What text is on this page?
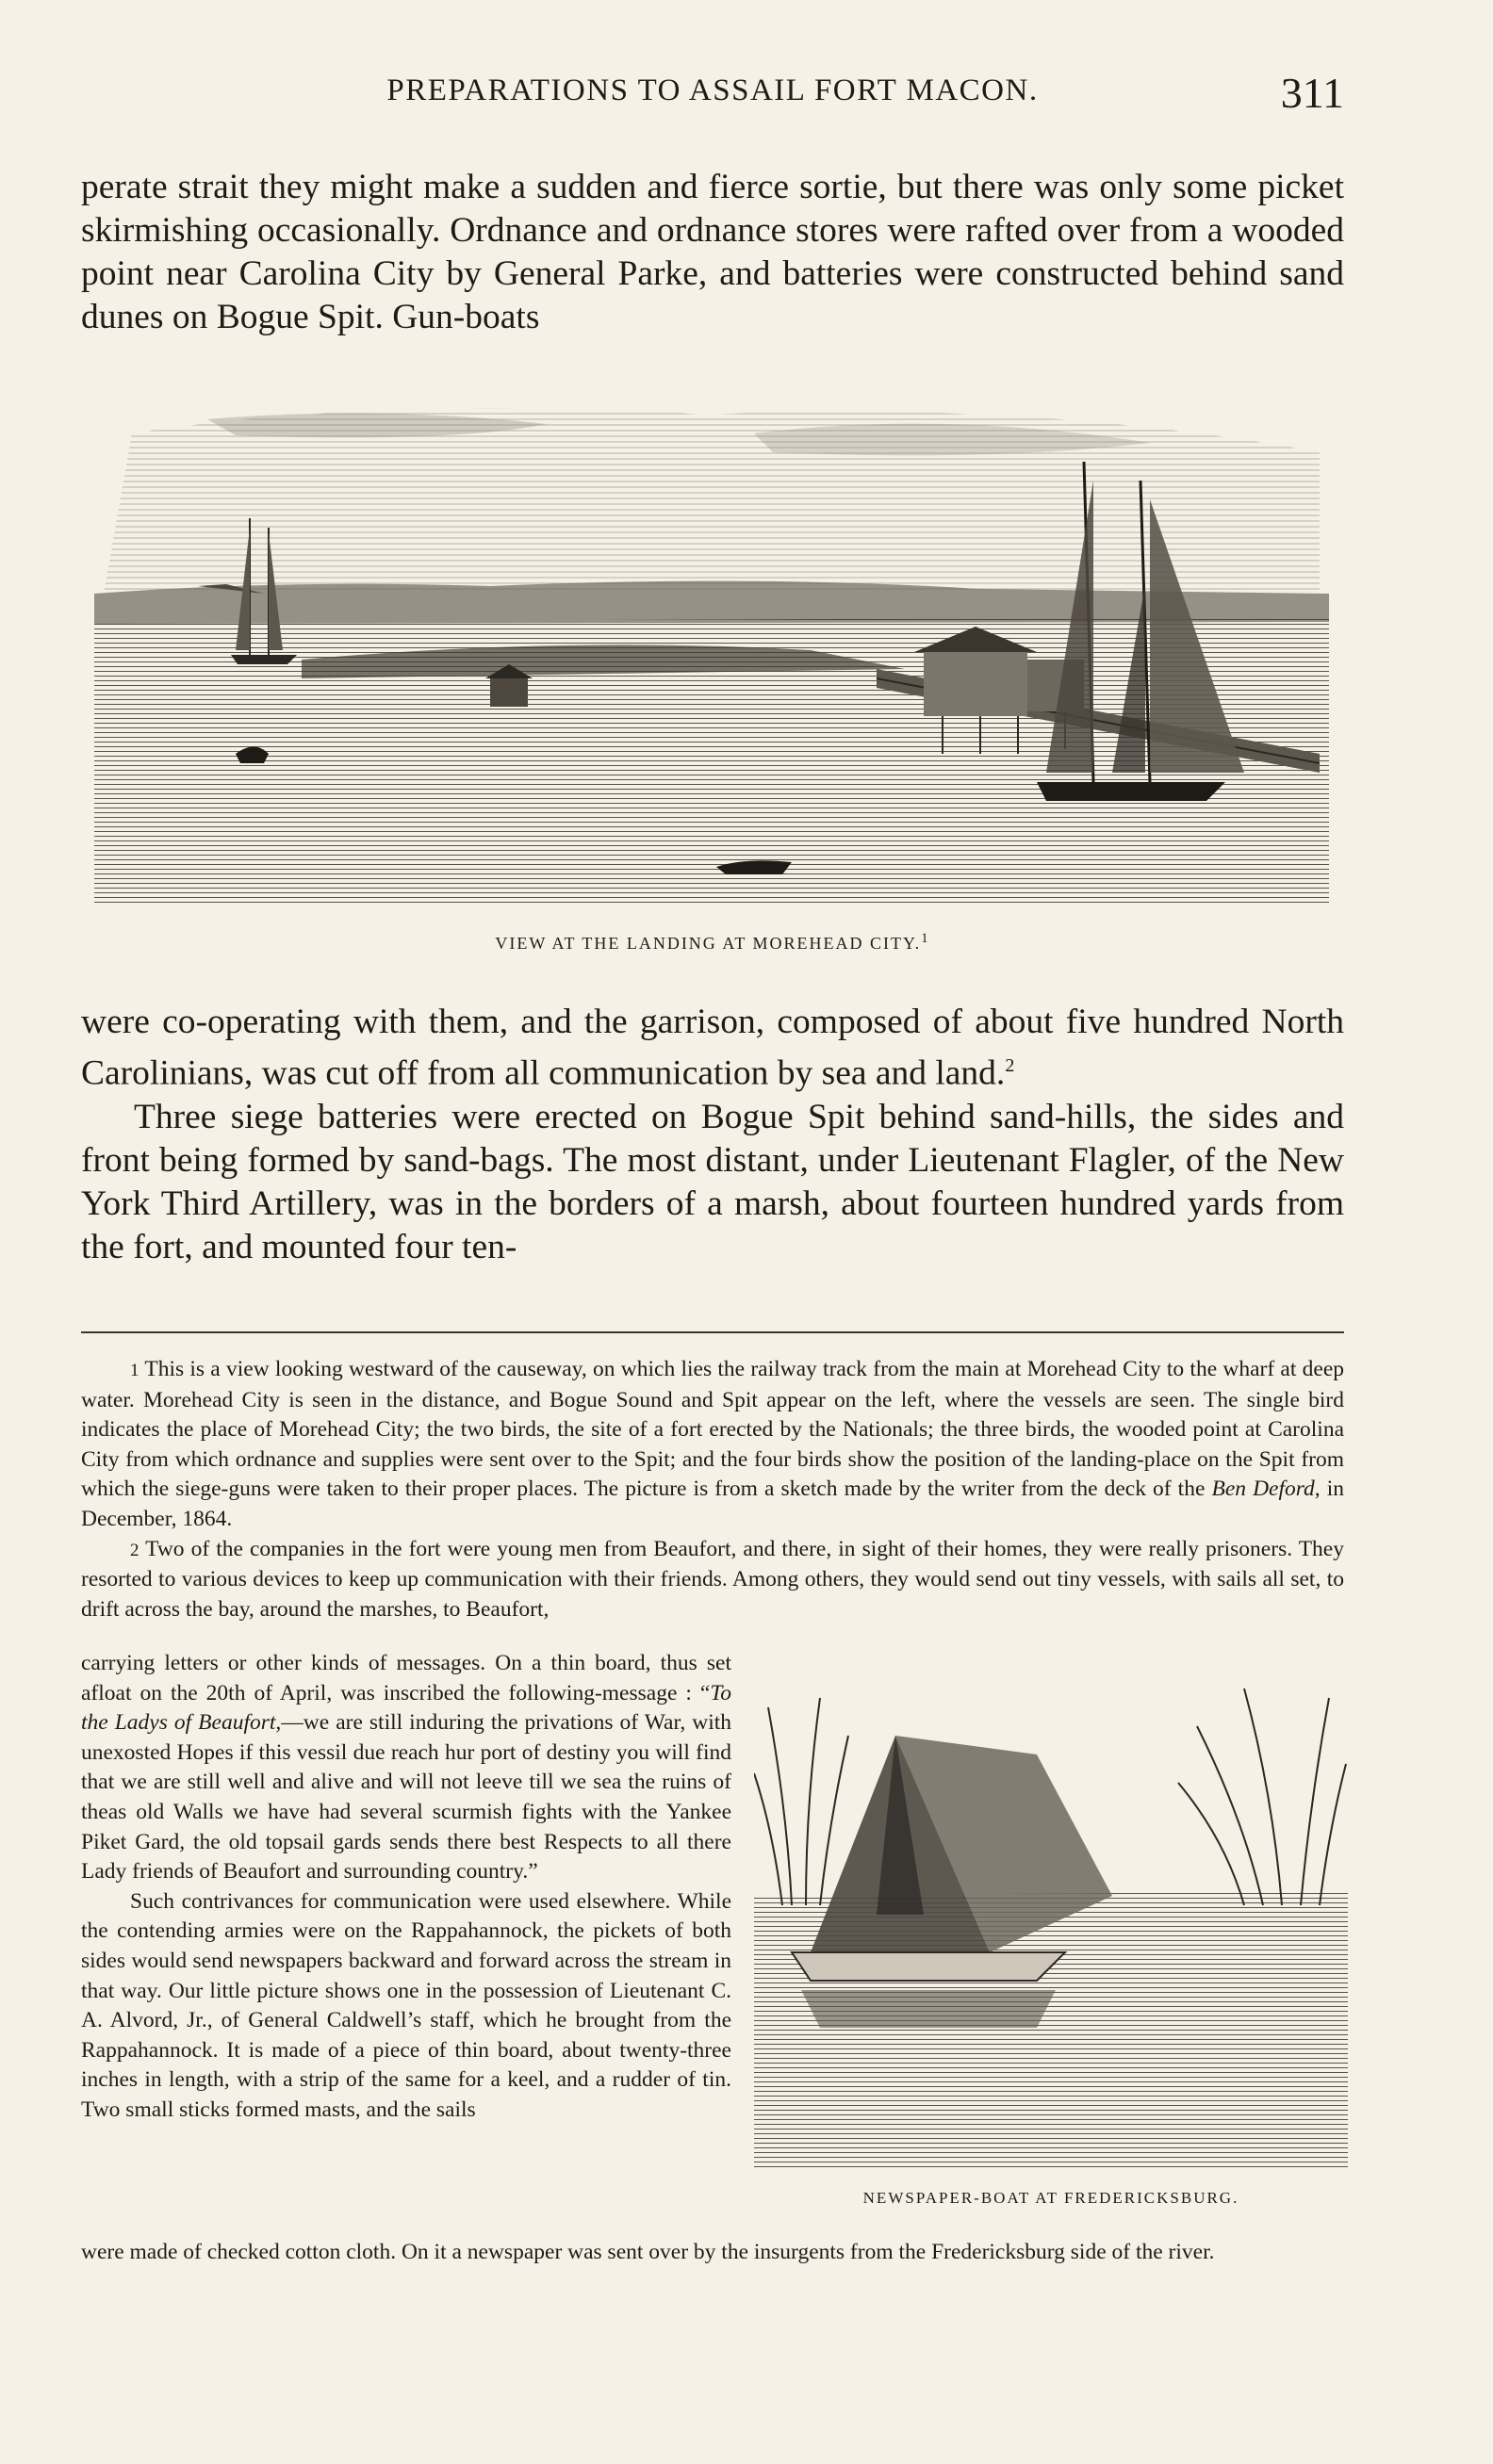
PREPARATIONS TO ASSAIL FORT MACON.	311

perate strait they might make a sudden and fierce sortie, but there was only some picket skirmishing occasionally. Ordnance and ordnance stores were rafted over from a wooded point near Carolina City by General Parke, and batteries were constructed behind sand dunes on Bogue Spit. Gun-boats

VIEW AT THE LANDING AT MOREHEAD CITY.$^1$

were co-operating with them, and the garrison, composed of about five hundred North Carolinians, was cut off from all communication by sea and land.$^2$

Three siege batteries were erected on Bogue Spit behind sand-hills, the sides and front being formed by sand-bags. The most distant, under Lieutenant Flagler, of the New York Third Artillery, was in the borders of a marsh, about fourteen hundred yards from the fort, and mounted four ten-

1 This is a view looking westward of the causeway, on which lies the railway track from the main at Morehead City to the wharf at deep water. Morehead City is seen in the distance, and Bogue Sound and Spit appear on the left, where the vessels are seen. The single bird indicates the place of Morehead City; the two birds, the site of a fort erected by the Nationals; the three birds, the wooded point at Carolina City from which ordnance and supplies were sent over to the Spit; and the four birds show the position of the landing-place on the Spit from which the siege-guns were taken to their proper places. The picture is from a sketch made by the writer from the deck of the Ben Deford, in December, 1864.

2 Two of the companies in the fort were young men from Beaufort, and there, in sight of their homes, they were really prisoners. They resorted to various devices to keep up communication with their friends. Among others, they would send out tiny vessels, with sails all set, to drift across the bay, around the marshes, to Beaufort,

carrying letters or other kinds of messages. On a thin board, thus set afloat on the 20th of April, was inscribed the following-message : “To the Ladys of Beaufort,—we are still induring the privations of War, with unexosted Hopes if this vessil due reach hur port of destiny you will find that we are still well and alive and will not leeve till we sea the ruins of theas old Walls we have had several scurmish fights with the Yankee Piket Gard, the old topsail gards sends there best Respects to all there Lady friends of Beaufort and surrounding country.”

Such contrivances for communication were used elsewhere. While the contending armies were on the Rappahannock, the pickets of both sides would send newspapers backward and forward across the stream in that way. Our little picture shows one in the possession of Lieutenant C. A. Alvord, Jr., of General Caldwell’s staff, which he brought from the Rappahannock. It is made of a piece of thin board, about twenty-three inches in length, with a strip of the same for a keel, and a rudder of tin. Two small sticks formed masts, and the sails

NEWSPAPER-BOAT AT FREDERICKSBURG.

were made of checked cotton cloth. On it a newspaper was sent over by the insurgents from the Fredericksburg side of the river.
